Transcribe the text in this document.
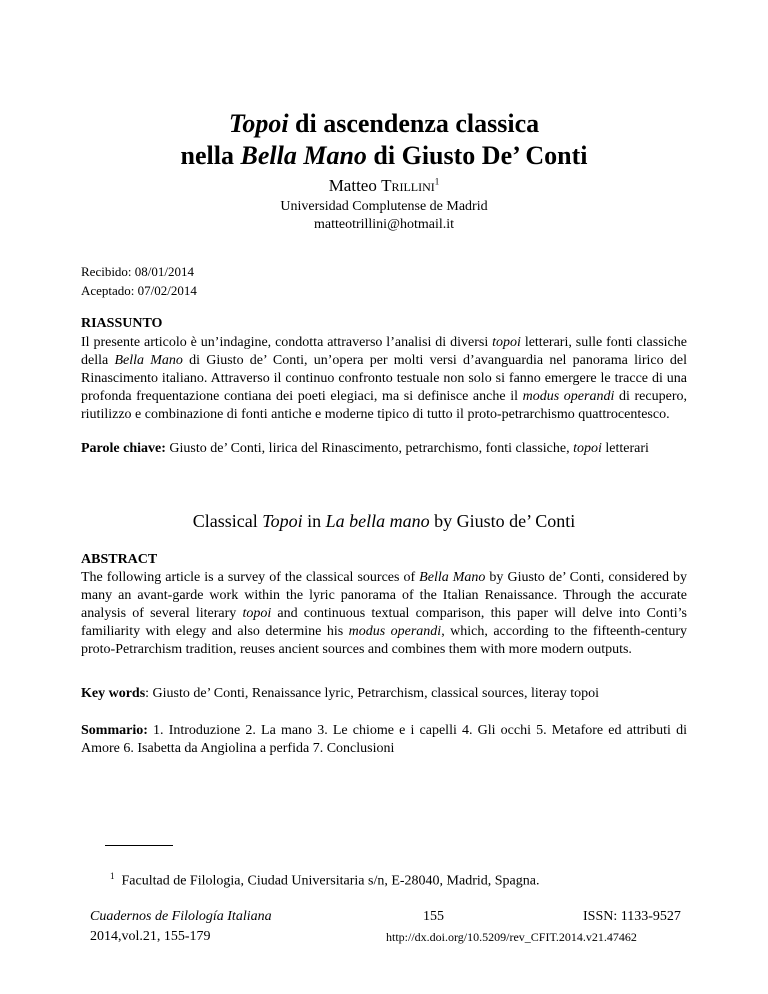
Topoi di ascendenza classica
nella Bella Mano di Giusto De’ Conti
Matteo Trillini$^1$
Universidad Complutense de Madrid
matteotrillini@hotmail.it
Recibido: 08/01/2014
Aceptado: 07/02/2014
RIASSUNTO

Il presente articolo è un’indagine, condotta attraverso l’analisi di diversi topoi letterari, sulle fonti classiche della Bella Mano di Giusto de’ Conti, un’opera per molti versi d’avanguardia nel panorama lirico del Rinascimento italiano. Attraverso il continuo confronto testuale non solo si fanno emergere le tracce di una profonda frequentazione contiana dei poeti elegiaci, ma si definisce anche il modus operandi di recupero, riutilizzo e combinazione di fonti antiche e moderne tipico di tutto il proto-petrarchismo quattrocentesco.

Parole chiave: Giusto de’ Conti, lirica del Rinascimento, petrarchismo, fonti classiche, topoi letterari

Classical Topoi in La bella mano by Giusto de’ Conti
ABSTRACT

The following article is a survey of the classical sources of Bella Mano by Giusto de’ Conti, considered by many an avant-garde work within the lyric panorama of the Italian Renaissance. Through the accurate analysis of several literary topoi and continuous textual comparison, this paper will delve into Conti’s familiarity with elegy and also determine his modus operandi, which, according to the fifteenth-century proto-Petrarchism tradition, reuses ancient sources and combines them with more modern outputs.

Key words: Giusto de’ Conti, Renaissance lyric, Petrarchism, classical sources, literay topoi

Sommario: 1. Introduzione 2. La mano 3. Le chiome e i capelli 4. Gli occhi 5. Metafore ed attributi di Amore 6. Isabetta da Angiolina a perfida 7. Conclusioni

$^1$ Facultad de Filologia, Ciudad Universitaria s/n, E-28040, Madrid, Spagna.
Cuadernos de Filología Italiana
2014,vol.21, 155-179
155	ISSN: 1133-9527
http://dx.doi.org/10.5209/rev_CFIT.2014.v21.47462
